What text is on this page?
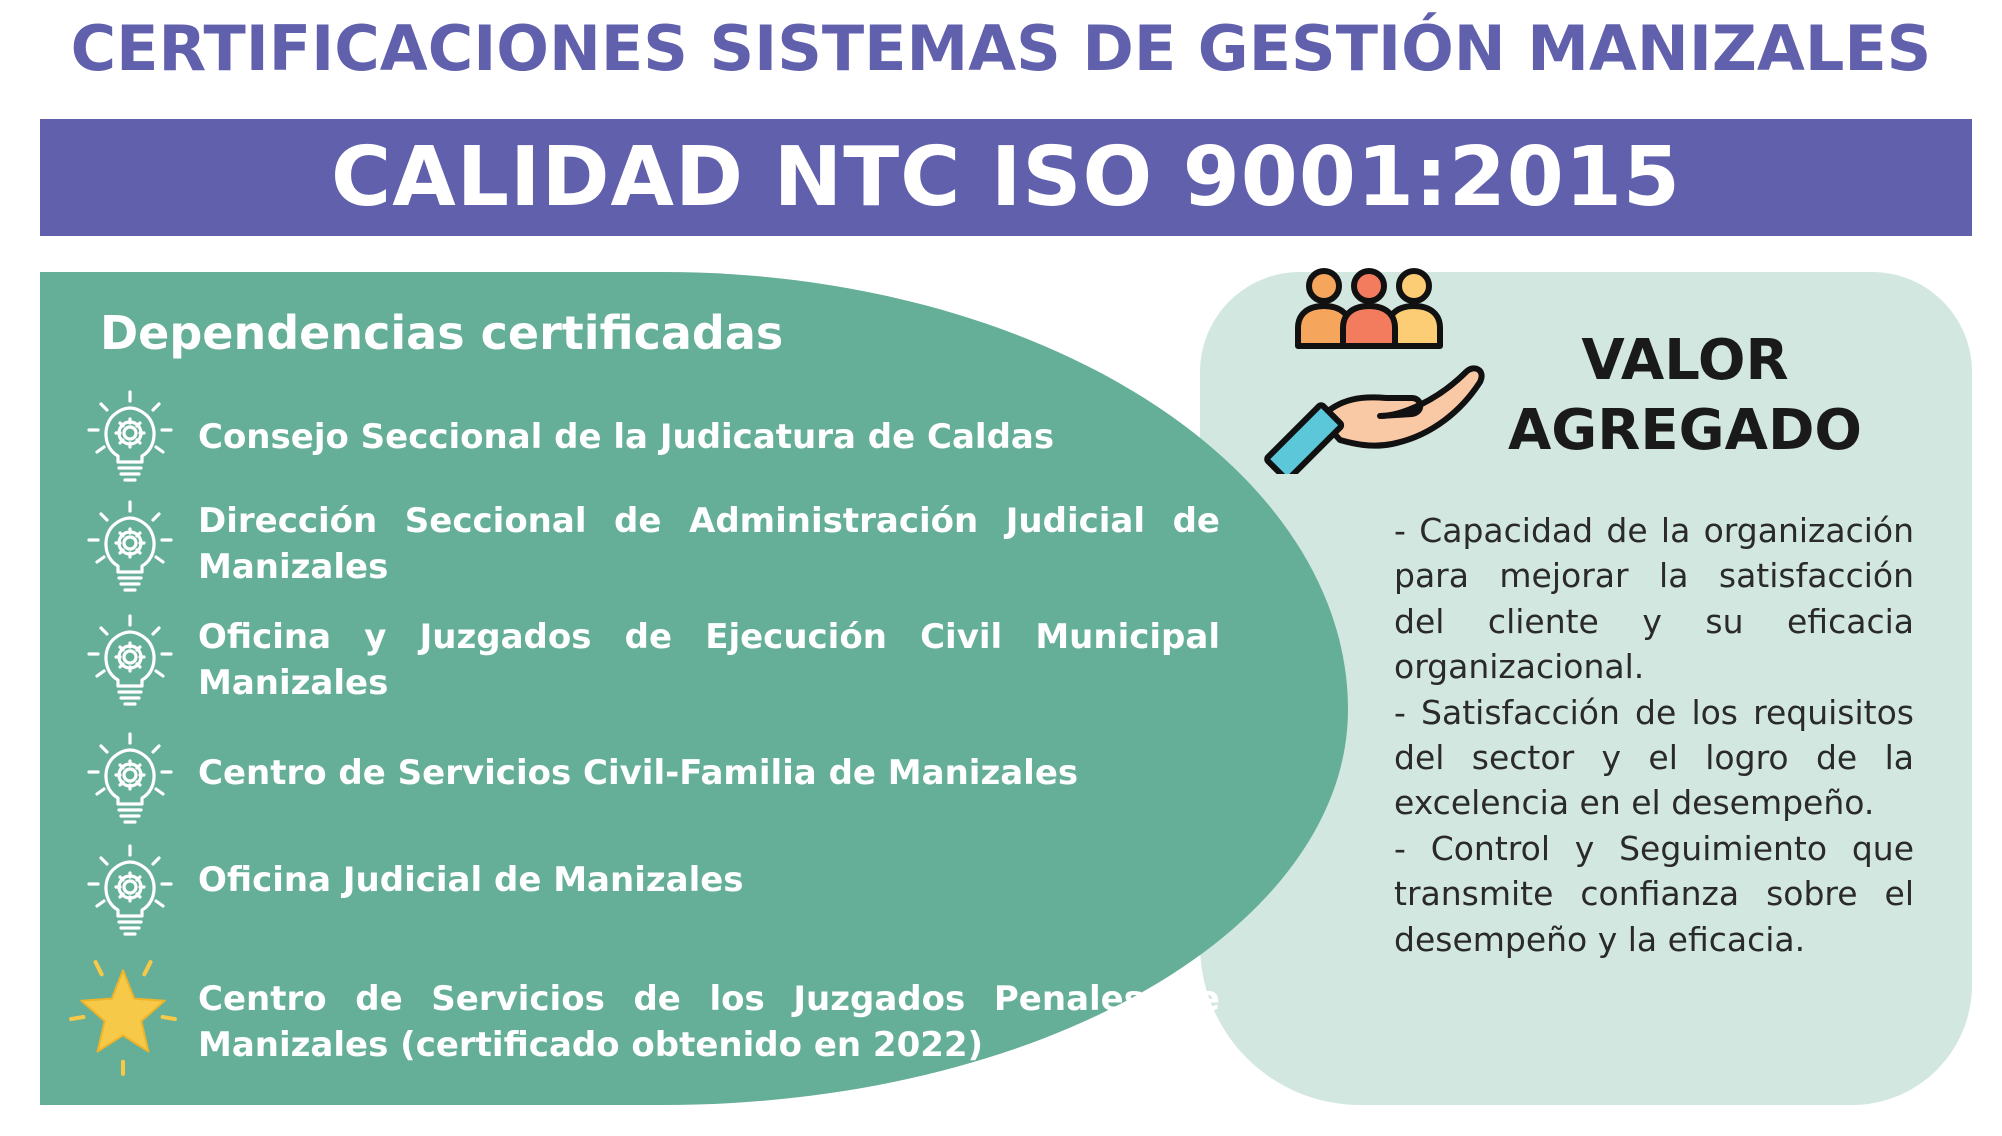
CERTIFICACIONES SISTEMAS DE GESTIÓN MANIZALES
CALIDAD NTC ISO 9001:2015
Dependencias certificadas
Consejo Seccional de la Judicatura de Caldas
Dirección Seccional de Administración Judicial de Manizales
Oficina y Juzgados de Ejecución Civil Municipal Manizales
Centro de Servicios Civil-Familia de Manizales
Oficina Judicial de Manizales
Centro de Servicios de los Juzgados Penales de Manizales (certificado obtenido en 2022)
VALOR
AGREGADO

- Capacidad de la organización para mejorar la satisfacción del cliente y su eficacia organizacional.

- Satisfacción de los requisitos del sector y el logro de la excelencia en el desempeño.

- Control y Seguimiento que transmite confianza sobre el desempeño y la eficacia.
